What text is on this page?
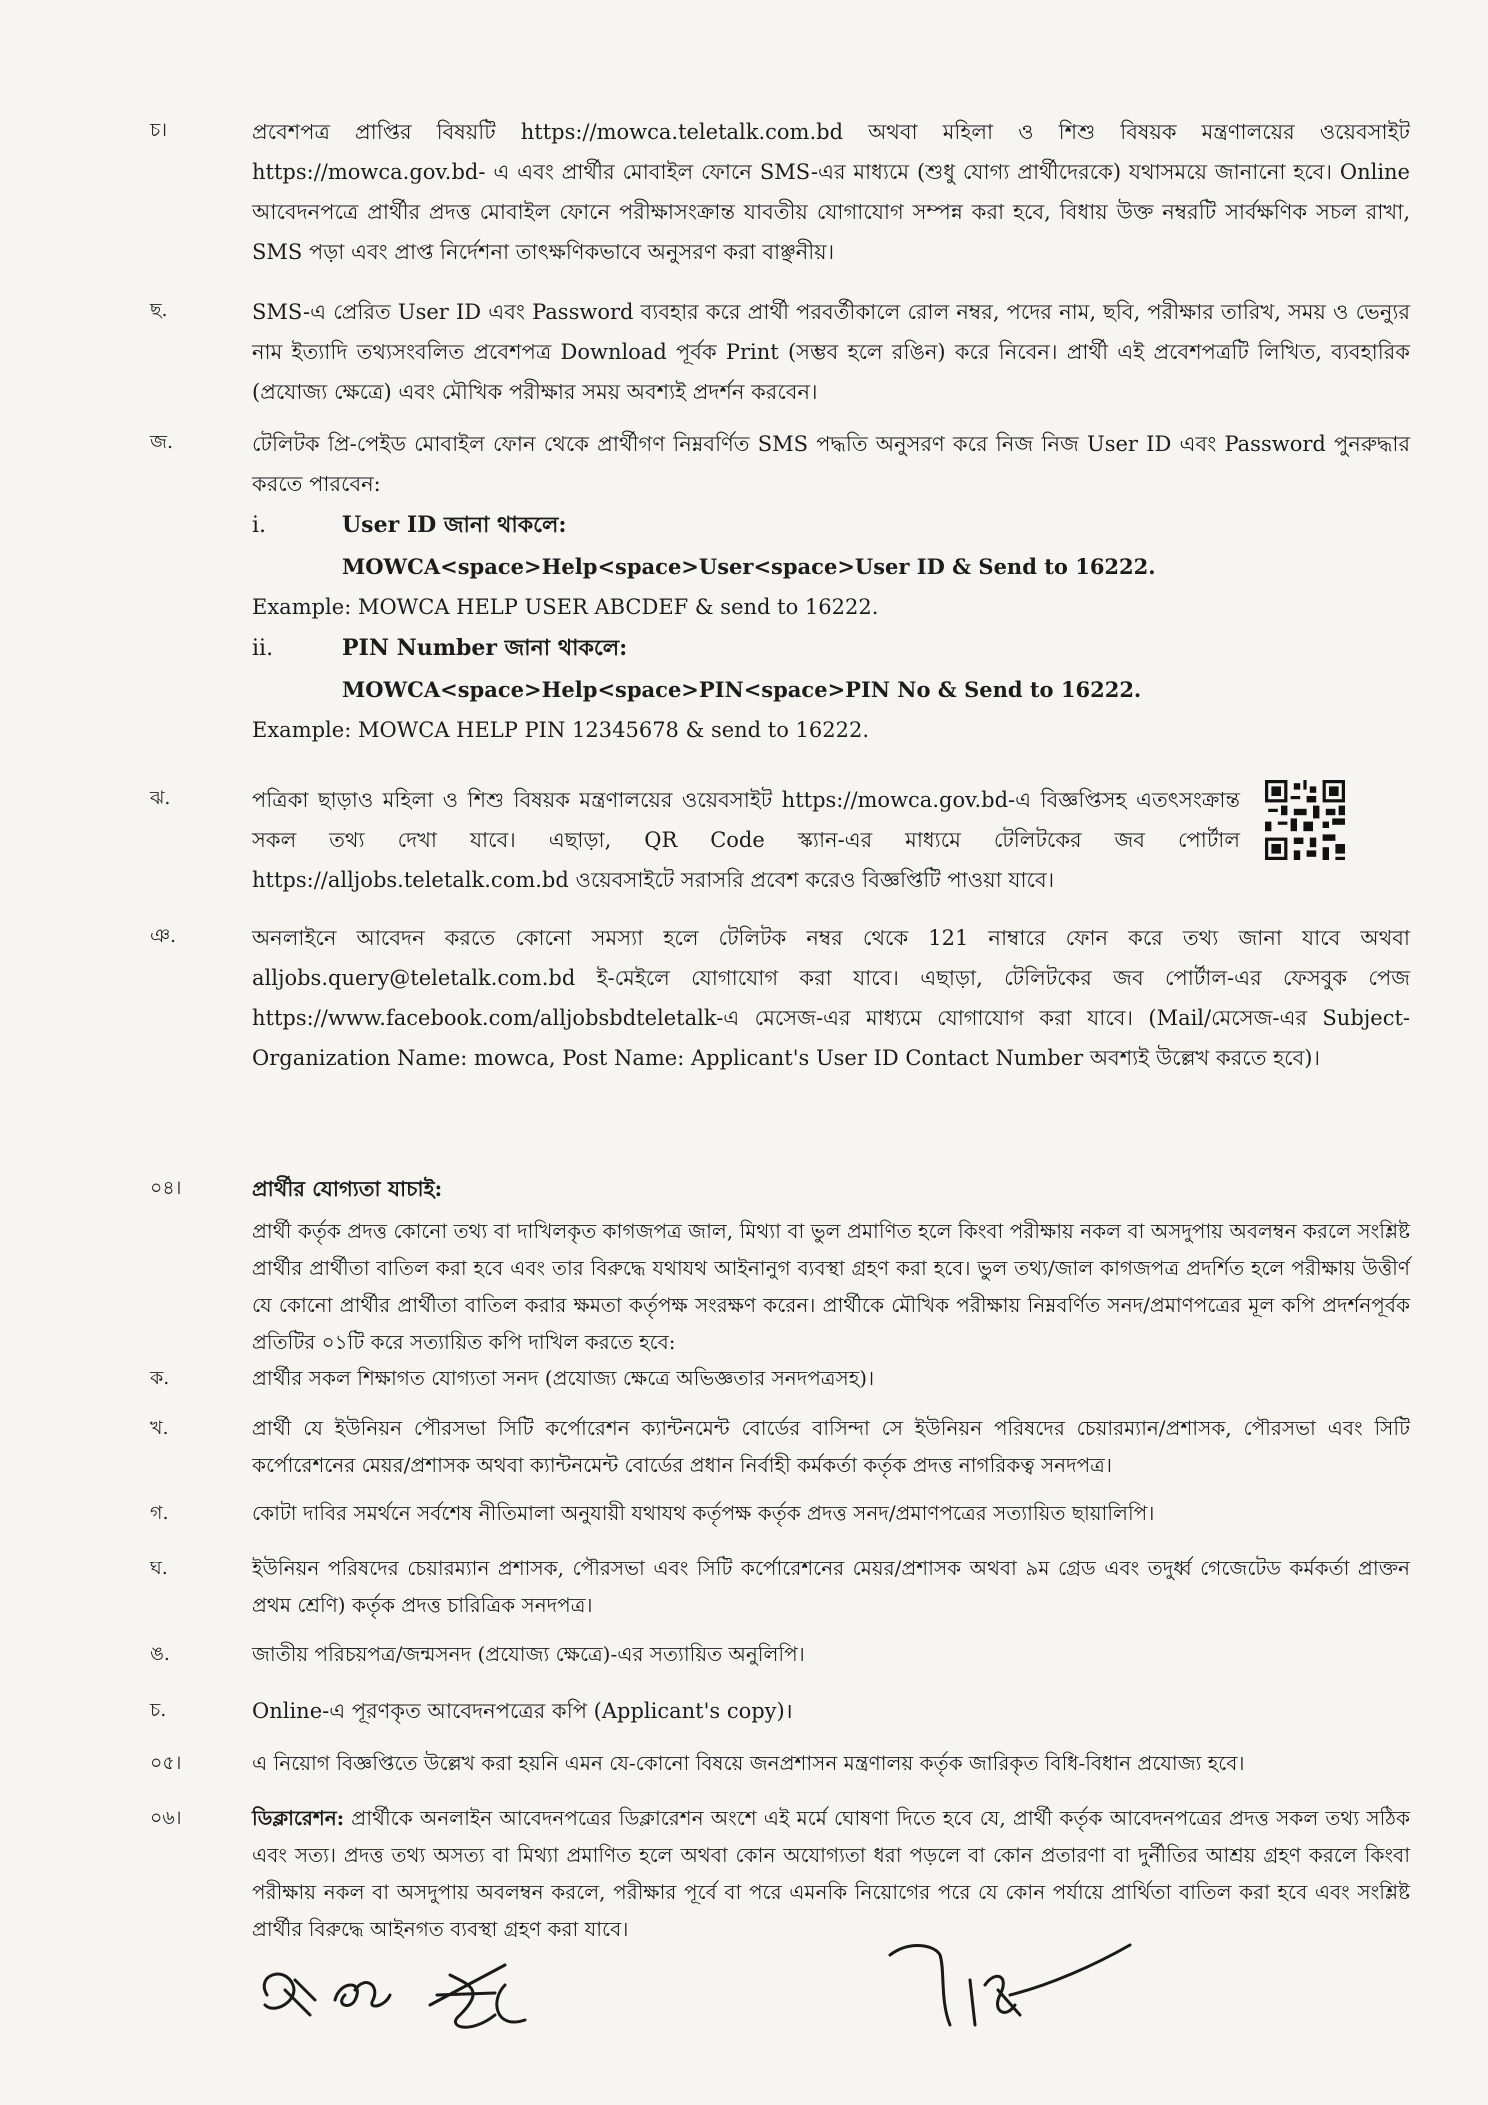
চ।	প্রবেশপত্র প্রাপ্তির বিষয়টি https://mowca.teletalk.com.bd অথবা মহিলা ও শিশু বিষয়ক মন্ত্রণালয়ের ওয়েবসাইট https://mowca.gov.bd- এ এবং প্রার্থীর মোবাইল ফোনে SMS-এর মাধ্যমে (শুধু যোগ্য প্রার্থীদেরকে) যথাসময়ে জানানো হবে। Online আবেদনপত্রে প্রার্থীর প্রদত্ত মোবাইল ফোনে পরীক্ষাসংক্রান্ত যাবতীয় যোগাযোগ সম্পন্ন করা হবে, বিধায় উক্ত নম্বরটি সার্বক্ষণিক সচল রাখা, SMS পড়া এবং প্রাপ্ত নির্দেশনা তাৎক্ষণিকভাবে অনুসরণ করা বাঞ্ছনীয়।
ছ.	SMS-এ প্রেরিত User ID এবং Password ব্যবহার করে প্রার্থী পরবর্তীকালে রোল নম্বর, পদের নাম, ছবি, পরীক্ষার তারিখ, সময় ও ভেন্যুর নাম ইত্যাদি তথ্যসংবলিত প্রবেশপত্র Download পূর্বক Print (সম্ভব হলে রঙিন) করে নিবেন। প্রার্থী এই প্রবেশপত্রটি লিখিত, ব্যবহারিক (প্রযোজ্য ক্ষেত্রে) এবং মৌখিক পরীক্ষার সময় অবশ্যই প্রদর্শন করবেন।
জ.	টেলিটক প্রি-পেইড মোবাইল ফোন থেকে প্রার্থীগণ নিম্নবর্ণিত SMS পদ্ধতি অনুসরণ করে নিজ নিজ User ID এবং Password পুনরুদ্ধার করতে পারবেন:

i.	User ID জানা থাকলে:
MOWCA<space>Help<space>User<space>User ID & Send to 16222.
Example: MOWCA HELP USER ABCDEF & send to 16222.
ii.	PIN Number জানা থাকলে:
MOWCA<space>Help<space>PIN<space>PIN No & Send to 16222.
Example: MOWCA HELP PIN 12345678 & send to 16222.
ঝ.	পত্রিকা ছাড়াও মহিলা ও শিশু বিষয়ক মন্ত্রণালয়ের ওয়েবসাইট https://mowca.gov.bd-এ বিজ্ঞপ্তিসহ এতৎসংক্রান্ত সকল তথ্য দেখা যাবে। এছাড়া, QR Code স্ক্যান-এর মাধ্যমে টেলিটকের জব পোর্টাল https://alljobs.teletalk.com.bd ওয়েবসাইটে সরাসরি প্রবেশ করেও বিজ্ঞপ্তিটি পাওয়া যাবে।
ঞ.	অনলাইনে আবেদন করতে কোনো সমস্যা হলে টেলিটক নম্বর থেকে 121 নাম্বারে ফোন করে তথ্য জানা যাবে অথবা alljobs.query@teletalk.com.bd ই-মেইলে যোগাযোগ করা যাবে। এছাড়া, টেলিটকের জব পোর্টাল-এর ফেসবুক পেজ https://www.facebook.com/alljobsbdteletalk-এ মেসেজ-এর মাধ্যমে যোগাযোগ করা যাবে। (Mail/মেসেজ-এর Subject- Organization Name: mowca, Post Name: Applicant's User ID Contact Number অবশ্যই উল্লেখ করতে হবে)।
০৪।	প্রার্থীর যোগ্যতা যাচাই:
প্রার্থী কর্তৃক প্রদত্ত কোনো তথ্য বা দাখিলকৃত কাগজপত্র জাল, মিথ্যা বা ভুল প্রমাণিত হলে কিংবা পরীক্ষায় নকল বা অসদুপায় অবলম্বন করলে সংশ্লিষ্ট প্রার্থীর প্রার্থীতা বাতিল করা হবে এবং তার বিরুদ্ধে যথাযথ আইনানুগ ব্যবস্থা গ্রহণ করা হবে। ভুল তথ্য/জাল কাগজপত্র প্রদর্শিত হলে পরীক্ষায় উত্তীর্ণ যে কোনো প্রার্থীর প্রার্থীতা বাতিল করার ক্ষমতা কর্তৃপক্ষ সংরক্ষণ করেন। প্রার্থীকে মৌখিক পরীক্ষায় নিম্নবর্ণিত সনদ/প্রমাণপত্রের মূল কপি প্রদর্শনপূর্বক প্রতিটির ০১টি করে সত্যায়িত কপি দাখিল করতে হবে:
ক.	প্রার্থীর সকল শিক্ষাগত যোগ্যতা সনদ (প্রযোজ্য ক্ষেত্রে অভিজ্ঞতার সনদপত্রসহ)।
খ.	প্রার্থী যে ইউনিয়ন পৌরসভা সিটি কর্পোরেশন ক্যান্টনমেন্ট বোর্ডের বাসিন্দা সে ইউনিয়ন পরিষদের চেয়ারম্যান/প্রশাসক, পৌরসভা এবং সিটি কর্পোরেশনের মেয়র/প্রশাসক অথবা ক্যান্টনমেন্ট বোর্ডের প্রধান নির্বাহী কর্মকর্তা কর্তৃক প্রদত্ত নাগরিকত্ব সনদপত্র।
গ.	কোটা দাবির সমর্থনে সর্বশেষ নীতিমালা অনুযায়ী যথাযথ কর্তৃপক্ষ কর্তৃক প্রদত্ত সনদ/প্রমাণপত্রের সত্যায়িত ছায়ালিপি।
ঘ.	ইউনিয়ন পরিষদের চেয়ারম্যান প্রশাসক, পৌরসভা এবং সিটি কর্পোরেশনের মেয়র/প্রশাসক অথবা ৯ম গ্রেড এবং তদুর্ধ্ব গেজেটেড কর্মকর্তা প্রাক্তন প্রথম শ্রেণি) কর্তৃক প্রদত্ত চারিত্রিক সনদপত্র।
ঙ.	জাতীয় পরিচয়পত্র/জন্মসনদ (প্রযোজ্য ক্ষেত্রে)-এর সত্যায়িত অনুলিপি।
চ.	Online-এ পূরণকৃত আবেদনপত্রের কপি (Applicant's copy)।
০৫।	এ নিয়োগ বিজ্ঞপ্তিতে উল্লেখ করা হয়নি এমন যে-কোনো বিষয়ে জনপ্রশাসন মন্ত্রণালয় কর্তৃক জারিকৃত বিধি-বিধান প্রযোজ্য হবে।
০৬।	ডিক্লারেশন: প্রার্থীকে অনলাইন আবেদনপত্রের ডিক্লারেশন অংশে এই মর্মে ঘোষণা দিতে হবে যে, প্রার্থী কর্তৃক আবেদনপত্রের প্রদত্ত সকল তথ্য সঠিক এবং সত্য। প্রদত্ত তথ্য অসত্য বা মিথ্যা প্রমাণিত হলে অথবা কোন অযোগ্যতা ধরা পড়লে বা কোন প্রতারণা বা দুর্নীতির আশ্রয় গ্রহণ করলে কিংবা পরীক্ষায় নকল বা অসদুপায় অবলম্বন করলে, পরীক্ষার পূর্বে বা পরে এমনকি নিয়োগের পরে যে কোন পর্যায়ে প্রার্থিতা বাতিল করা হবে এবং সংশ্লিষ্ট প্রার্থীর বিরুদ্ধে আইনগত ব্যবস্থা গ্রহণ করা যাবে।
